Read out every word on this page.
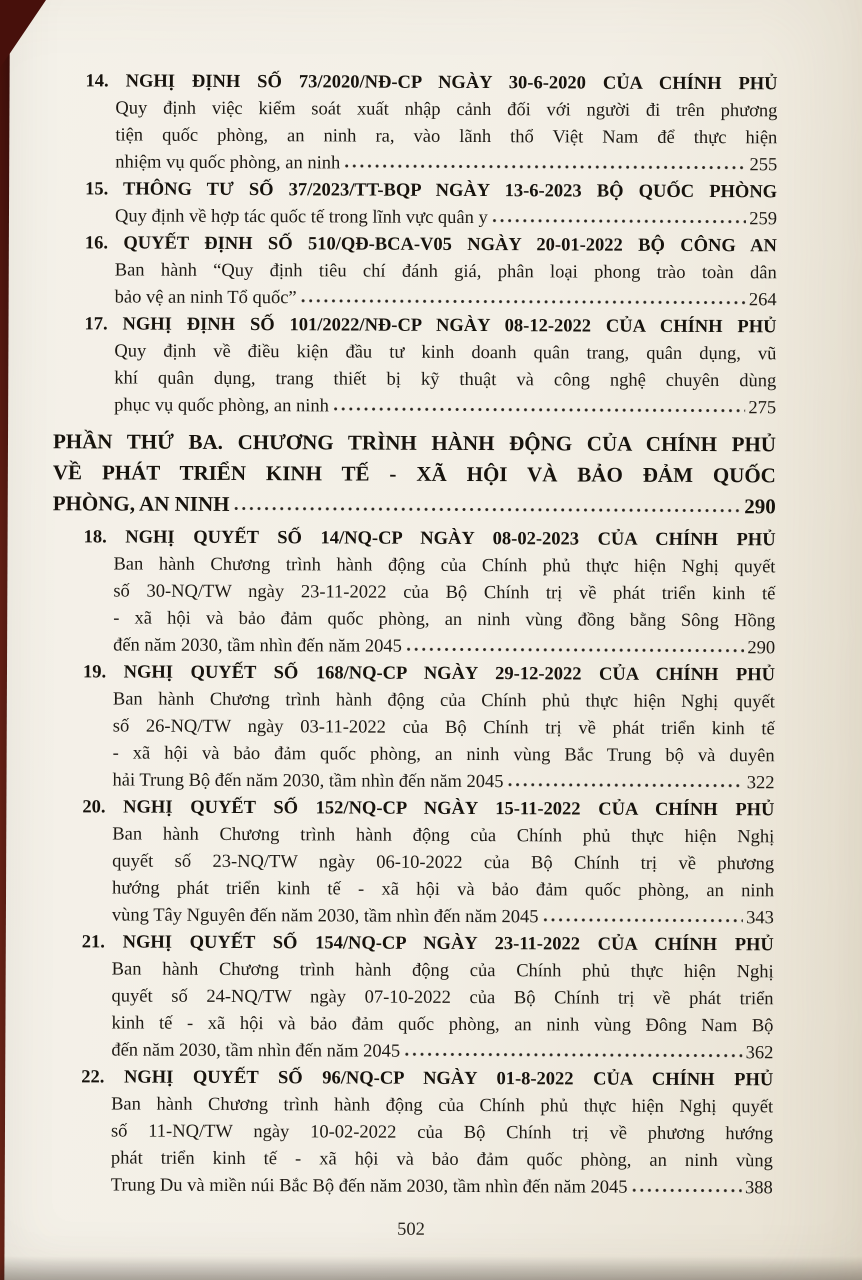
14. NGHỊ ĐỊNH SỐ 73/2020/NĐ-CP NGÀY 30-6-2020 CỦA CHÍNH PHỦ
Quy định việc kiểm soát xuất nhập cảnh đối với người đi trên phương
tiện quốc phòng, an ninh ra, vào lãnh thổ Việt Nam để thực hiện
nhiệm vụ quốc phòng, an ninh	255
15. THÔNG TƯ SỐ 37/2023/TT-BQP NGÀY 13-6-2023 BỘ QUỐC PHÒNG
Quy định về hợp tác quốc tế trong lĩnh vực quân y	259
16. QUYẾT ĐỊNH SỐ 510/QĐ-BCA-V05 NGÀY 20-01-2022 BỘ CÔNG AN
Ban hành “Quy định tiêu chí đánh giá, phân loại phong trào toàn dân
bảo vệ an ninh Tổ quốc”	264
17. NGHỊ ĐỊNH SỐ 101/2022/NĐ-CP NGÀY 08-12-2022 CỦA CHÍNH PHỦ
Quy định về điều kiện đầu tư kinh doanh quân trang, quân dụng, vũ
khí quân dụng, trang thiết bị kỹ thuật và công nghệ chuyên dùng
phục vụ quốc phòng, an ninh	275
PHẦN THỨ BA. CHƯƠNG TRÌNH HÀNH ĐỘNG CỦA CHÍNH PHỦ
VỀ PHÁT TRIỂN KINH TẾ - XÃ HỘI VÀ BẢO ĐẢM QUỐC
PHÒNG, AN NINH	290
18. NGHỊ QUYẾT SỐ 14/NQ-CP NGÀY 08-02-2023 CỦA CHÍNH PHỦ
Ban hành Chương trình hành động của Chính phủ thực hiện Nghị quyết
số 30-NQ/TW ngày 23-11-2022 của Bộ Chính trị về phát triển kinh tế
- xã hội và bảo đảm quốc phòng, an ninh vùng đồng bằng Sông Hồng
đến năm 2030, tầm nhìn đến năm 2045	290
19. NGHỊ QUYẾT SỐ 168/NQ-CP NGÀY 29-12-2022 CỦA CHÍNH PHỦ
Ban hành Chương trình hành động của Chính phủ thực hiện Nghị quyết
số 26-NQ/TW ngày 03-11-2022 của Bộ Chính trị về phát triển kinh tế
- xã hội và bảo đảm quốc phòng, an ninh vùng Bắc Trung bộ và duyên
hải Trung Bộ đến năm 2030, tầm nhìn đến năm 2045	322
20. NGHỊ QUYẾT SỐ 152/NQ-CP NGÀY 15-11-2022 CỦA CHÍNH PHỦ
Ban hành Chương trình hành động của Chính phủ thực hiện Nghị
quyết số 23-NQ/TW ngày 06-10-2022 của Bộ Chính trị về phương
hướng phát triển kinh tế - xã hội và bảo đảm quốc phòng, an ninh
vùng Tây Nguyên đến năm 2030, tầm nhìn đến năm 2045	343
21. NGHỊ QUYẾT SỐ 154/NQ-CP NGÀY 23-11-2022 CỦA CHÍNH PHỦ
Ban hành Chương trình hành động của Chính phủ thực hiện Nghị
quyết số 24-NQ/TW ngày 07-10-2022 của Bộ Chính trị về phát triển
kinh tế - xã hội và bảo đảm quốc phòng, an ninh vùng Đông Nam Bộ
đến năm 2030, tầm nhìn đến năm 2045	362
22. NGHỊ QUYẾT SỐ 96/NQ-CP NGÀY 01-8-2022 CỦA CHÍNH PHỦ
Ban hành Chương trình hành động của Chính phủ thực hiện Nghị quyết
số 11-NQ/TW ngày 10-02-2022 của Bộ Chính trị về phương hướng
phát triển kinh tế - xã hội và bảo đảm quốc phòng, an ninh vùng
Trung Du và miền núi Bắc Bộ đến năm 2030, tầm nhìn đến năm 2045	388
502
